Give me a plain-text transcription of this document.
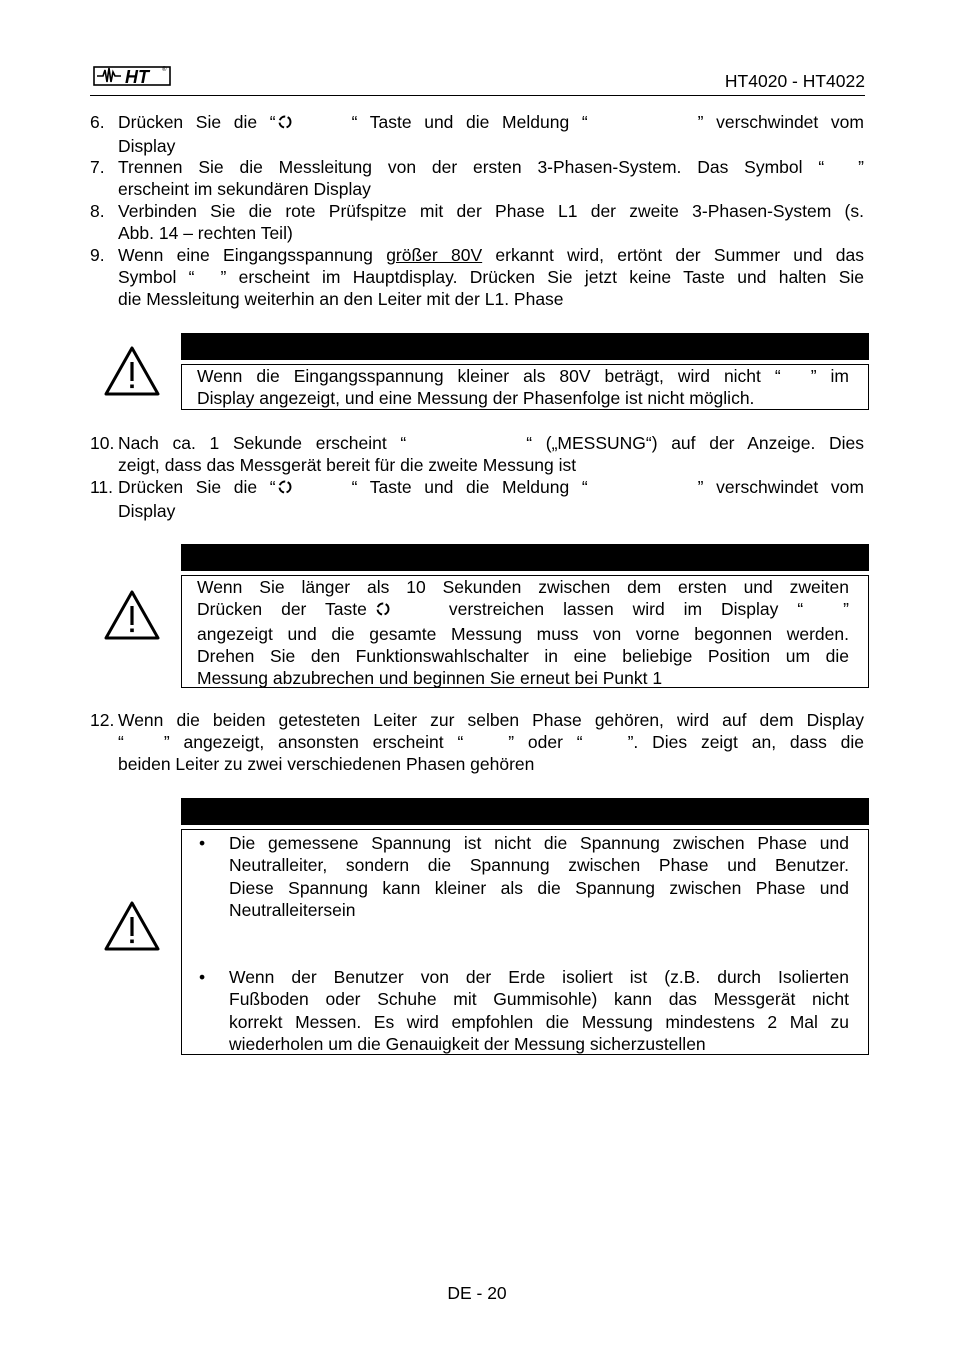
HT	®
HT4020 - HT4022
6. Drücken Sie die “	“ Taste und die Meldung “	” verschwindet vom
Display
7. Trennen Sie die Messleitung von der ersten 3-Phasen-System. Das Symbol “ ”
erscheint im sekundären Display
8. Verbinden Sie die rote Prüfspitze mit der Phase L1 der zweite 3-Phasen-System (s.
Abb. 14 – rechten Teil)
9. Wenn eine Eingangsspannung größer 80V erkannt wird, ertönt der Summer und das
Symbol “ ” erscheint im Hauptdisplay. Drücken Sie jetzt keine Taste und halten Sie
die Messleitung weiterhin an den Leiter mit der L1. Phase
Wenn die Eingangsspannung kleiner als 80V beträgt, wird nicht “ ” im
Display angezeigt, und eine Messung der Phasenfolge ist nicht möglich.
10. Nach ca. 1 Sekunde erscheint “	“ („MESSUNG“) auf der Anzeige. Dies
zeigt, dass das Messgerät bereit für die zweite Messung ist
11. Drücken Sie die “	“ Taste und die Meldung “	” verschwindet vom
Display
Wenn Sie länger als 10 Sekunden zwischen dem ersten und zweiten
Drücken der Taste	verstreichen lassen wird im Display “ ”
angezeigt und die gesamte Messung muss von vorne begonnen werden.
Drehen Sie den Funktionswahlschalter in eine beliebige Position um die
Messung abzubrechen und beginnen Sie erneut bei Punkt 1
12. Wenn die beiden getesteten Leiter zur selben Phase gehören, wird auf dem Display
“ ” angezeigt, ansonsten erscheint “	” oder “	”. Dies zeigt an, dass die
beiden Leiter zu zwei verschiedenen Phasen gehören
• Die gemessene Spannung ist nicht die Spannung zwischen Phase und
Neutralleiter, sondern die Spannung zwischen Phase und Benutzer.
Diese Spannung kann kleiner als die Spannung zwischen Phase und
Neutralleitersein
• Wenn der Benutzer von der Erde isoliert ist (z.B. durch Isolierten
Fußboden oder Schuhe mit Gummisohle) kann das Messgerät nicht
korrekt Messen. Es wird empfohlen die Messung mindestens 2 Mal zu
wiederholen um die Genauigkeit der Messung sicherzustellen
DE - 20
